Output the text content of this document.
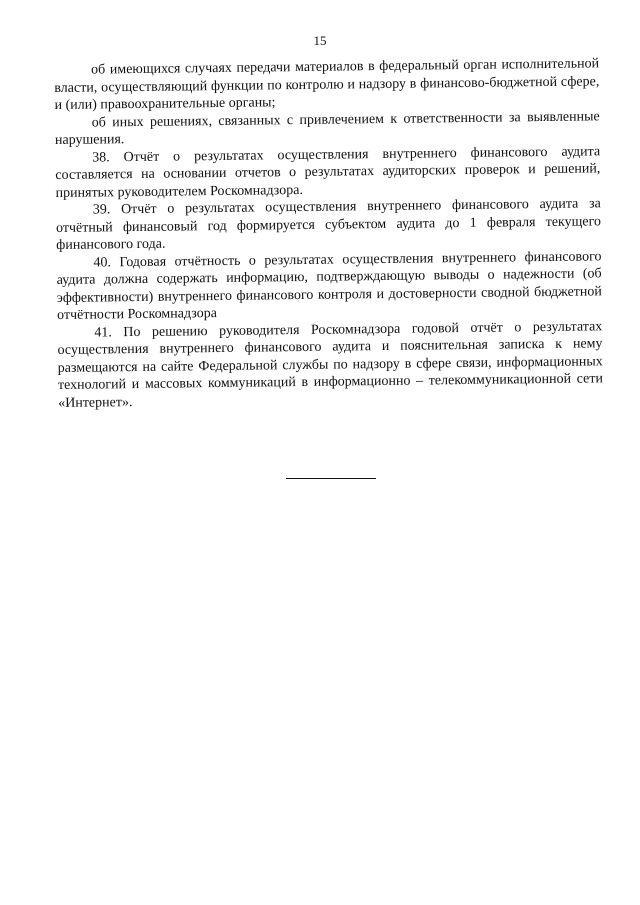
15

об имеющихся случаях передачи материалов в федеральный орган исполнительной власти, осуществляющий функции по контролю и надзору в финансово-бюджетной сфере, и (или) правоохранительные органы;

об иных решениях, связанных с привлечением к ответственности за выявленные нарушения.

38. Отчёт о результатах осуществления внутреннего финансового аудита составляется на основании отчетов о результатах аудиторских проверок и решений, принятых руководителем Роскомнадзора.

39. Отчёт о результатах осуществления внутреннего финансового аудита за отчётный финансовый год формируется субъектом аудита до 1 февраля текущего финансового года.

40. Годовая отчётность о результатах осуществления внутреннего финансового аудита должна содержать информацию, подтверждающую выводы о надежности (об эффективности) внутреннего финансового контроля и достоверности сводной бюджетной отчётности Роскомнадзора

41. По решению руководителя Роскомнадзора годовой отчёт о результатах осуществления внутреннего финансового аудита и пояснительная записка к нему размещаются на сайте Федеральной службы по надзору в сфере связи, информационных технологий и массовых коммуникаций в информационно – телекоммуникационной сети «Интернет».
